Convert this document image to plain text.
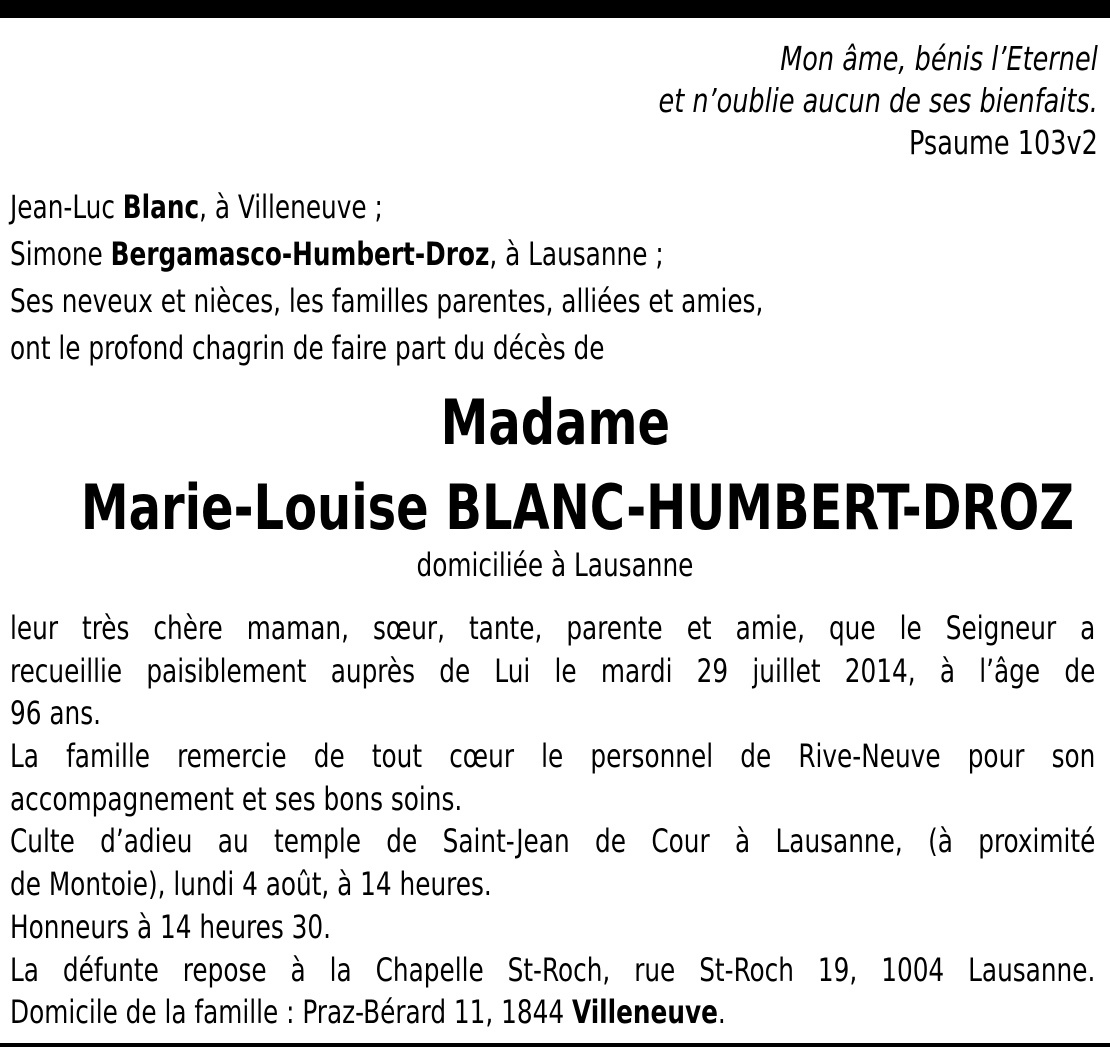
Mon âme, bénis l’Eternel
et n’oublie aucun de ses bienfaits.
Psaume 103v2
Jean-Luc Blanc, à Villeneuve ;
Simone Bergamasco-Humbert-Droz, à Lausanne ;
Ses neveux et nièces, les familles parentes, alliées et amies,
ont le profond chagrin de faire part du décès de
Madame
Marie-Louise BLANC-HUMBERT-DROZ
domiciliée à Lausanne
leur très chère maman, sœur, tante, parente et amie, que le Seigneur a
recueillie paisiblement auprès de Lui le mardi 29 juillet 2014, à l’âge de
96 ans.
La famille remercie de tout cœur le personnel de Rive-Neuve pour son
accompagnement et ses bons soins.
Culte d’adieu au temple de Saint-Jean de Cour à Lausanne, (à proximité
de Montoie), lundi 4 août, à 14 heures.
Honneurs à 14 heures 30.
La défunte repose à la Chapelle St-Roch, rue St-Roch 19, 1004 Lausanne.
Domicile de la famille : Praz-Bérard 11, 1844 Villeneuve.
